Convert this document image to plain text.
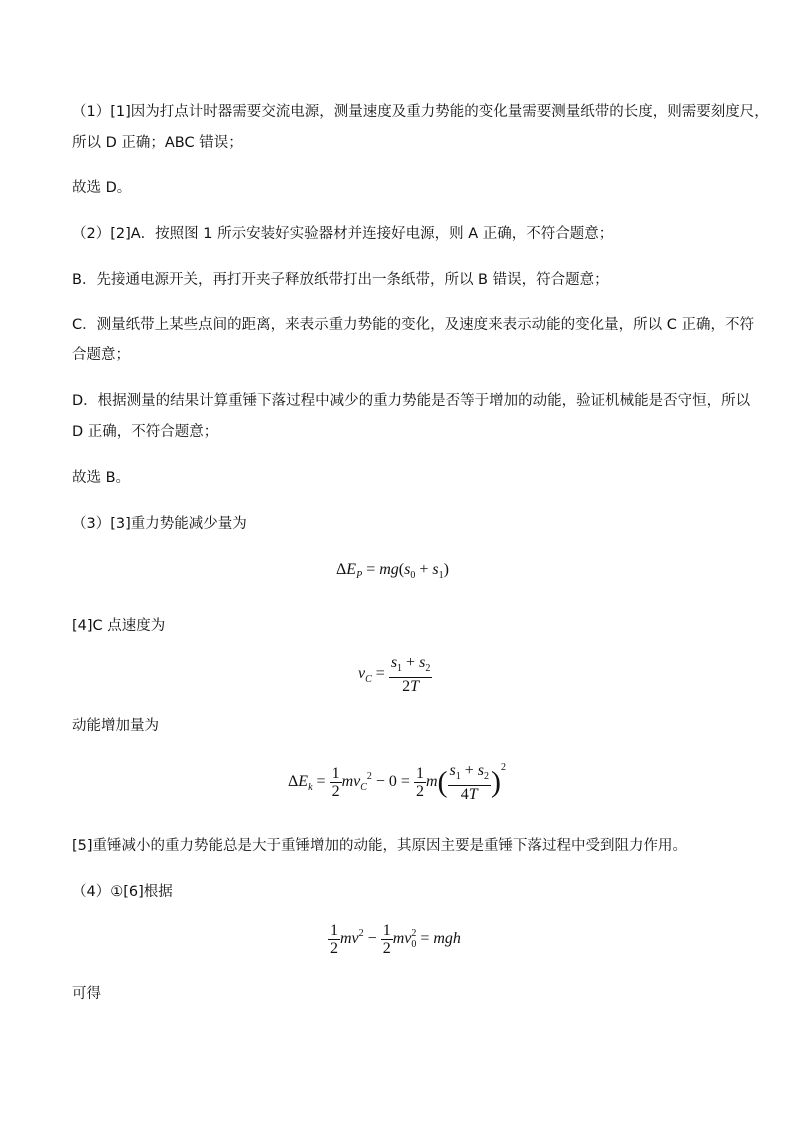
（1）[1]因为打点计时器需要交流电源，测量速度及重力势能的变化量需要测量纸带的长度，则需要刻度尺，
所以 D 正确；ABC 错误；
故选 D。
（2）[2]A．按照图 1 所示安装好实验器材并连接好电源，则 A 正确，不符合题意；
B．先接通电源开关，再打开夹子释放纸带打出一条纸带，所以 B 错误，符合题意；
C．测量纸带上某些点间的距离，来表示重力势能的变化，及速度来表示动能的变化量，所以 C 正确，不符
合题意；
D．根据测量的结果计算重锤下落过程中减少的重力势能是否等于增加的动能，验证机械能是否守恒，所以
D 正确，不符合题意；
故选 B。
（3）[3]重力势能减少量为
$\Delta E_P = mg(s_0 + s_1)$
[4]C 点速度为
$v_C = \frac{s_1 + s_2}{2T}$
动能增加量为
$\Delta E_k = \frac{1}{2} mv_C^2 - 0 = \frac{1}{2} m( \frac{s_1 + s_2}{4T} )^2$
[5]重锤减小的重力势能总是大于重锤增加的动能，其原因主要是重锤下落过程中受到阻力作用。
（4）①[6]根据
$\frac{1}{2} mv^2 - \frac{1}{2} mv_0^2$ = mgh
可得
